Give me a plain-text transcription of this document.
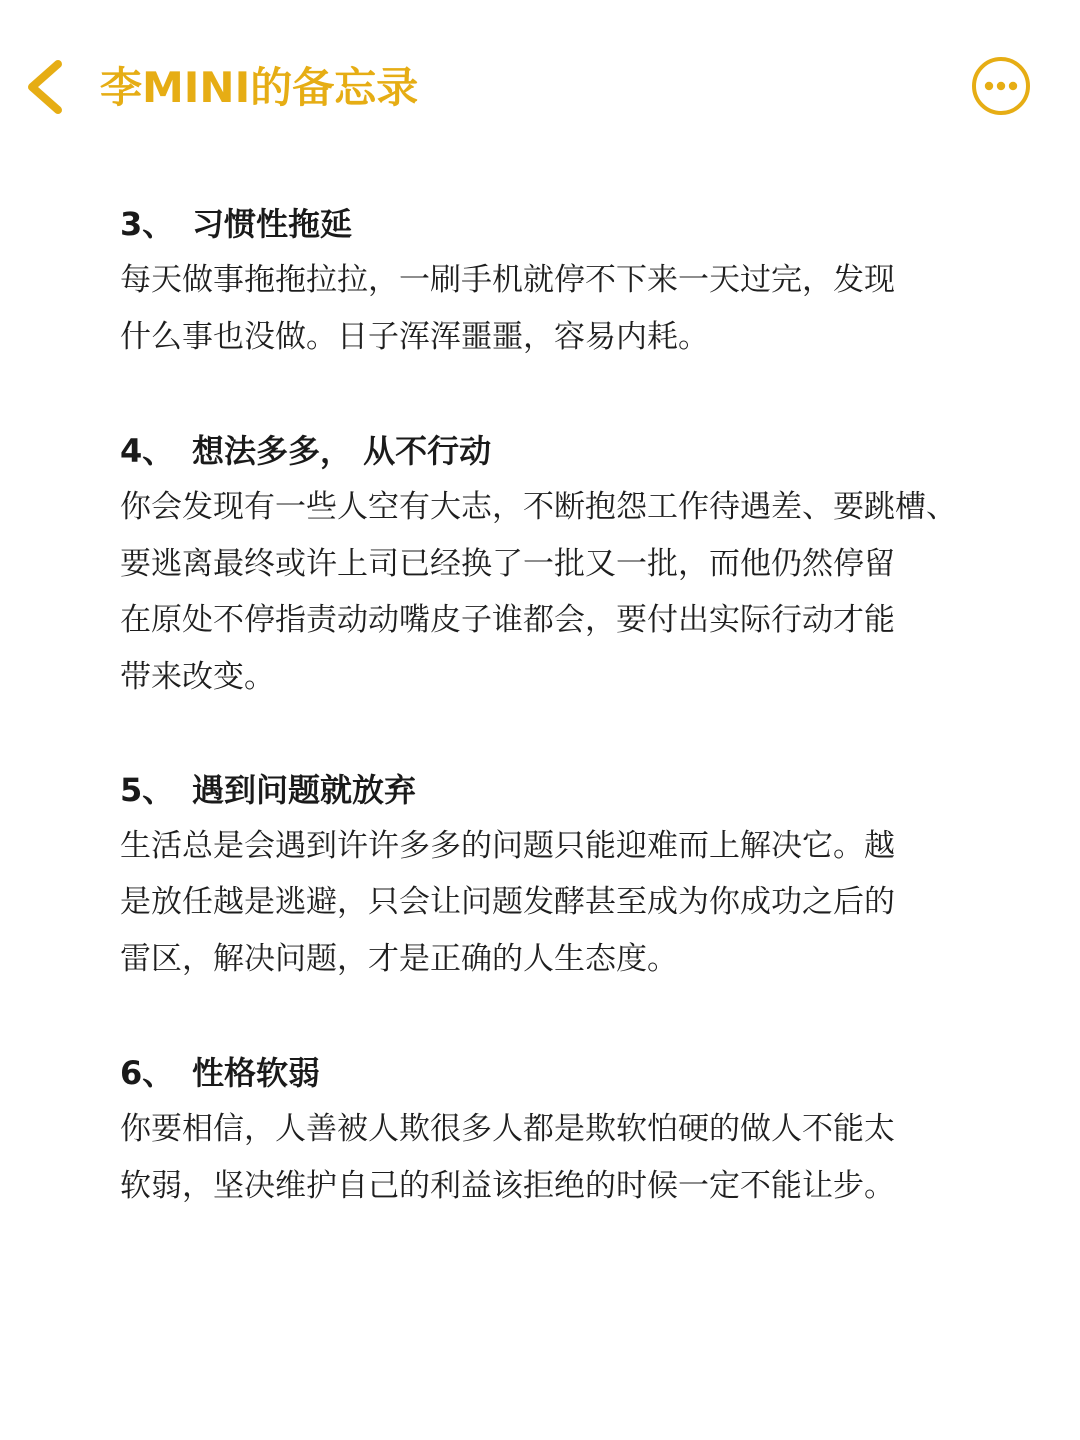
李MINI的备忘录
3、 习惯性拖延
每天做事拖拖拉拉，一刷手机就停不下来一天过完，发现
什么事也没做。日子浑浑噩噩，容易内耗。
4、 想法多多， 从不行动
你会发现有一些人空有大志，不断抱怨工作待遇差、要跳槽、
要逃离最终或许上司已经换了一批又一批，而他仍然停留
在原处不停指责动动嘴皮子谁都会，要付出实际行动才能
带来改变。
5、 遇到问题就放弃
生活总是会遇到许许多多的问题只能迎难而上解决它。越
是放任越是逃避，只会让问题发酵甚至成为你成功之后的
雷区，解决问题，才是正确的人生态度。
6、 性格软弱
你要相信，人善被人欺很多人都是欺软怕硬的做人不能太
软弱，坚决维护自己的利益该拒绝的时候一定不能让步。
